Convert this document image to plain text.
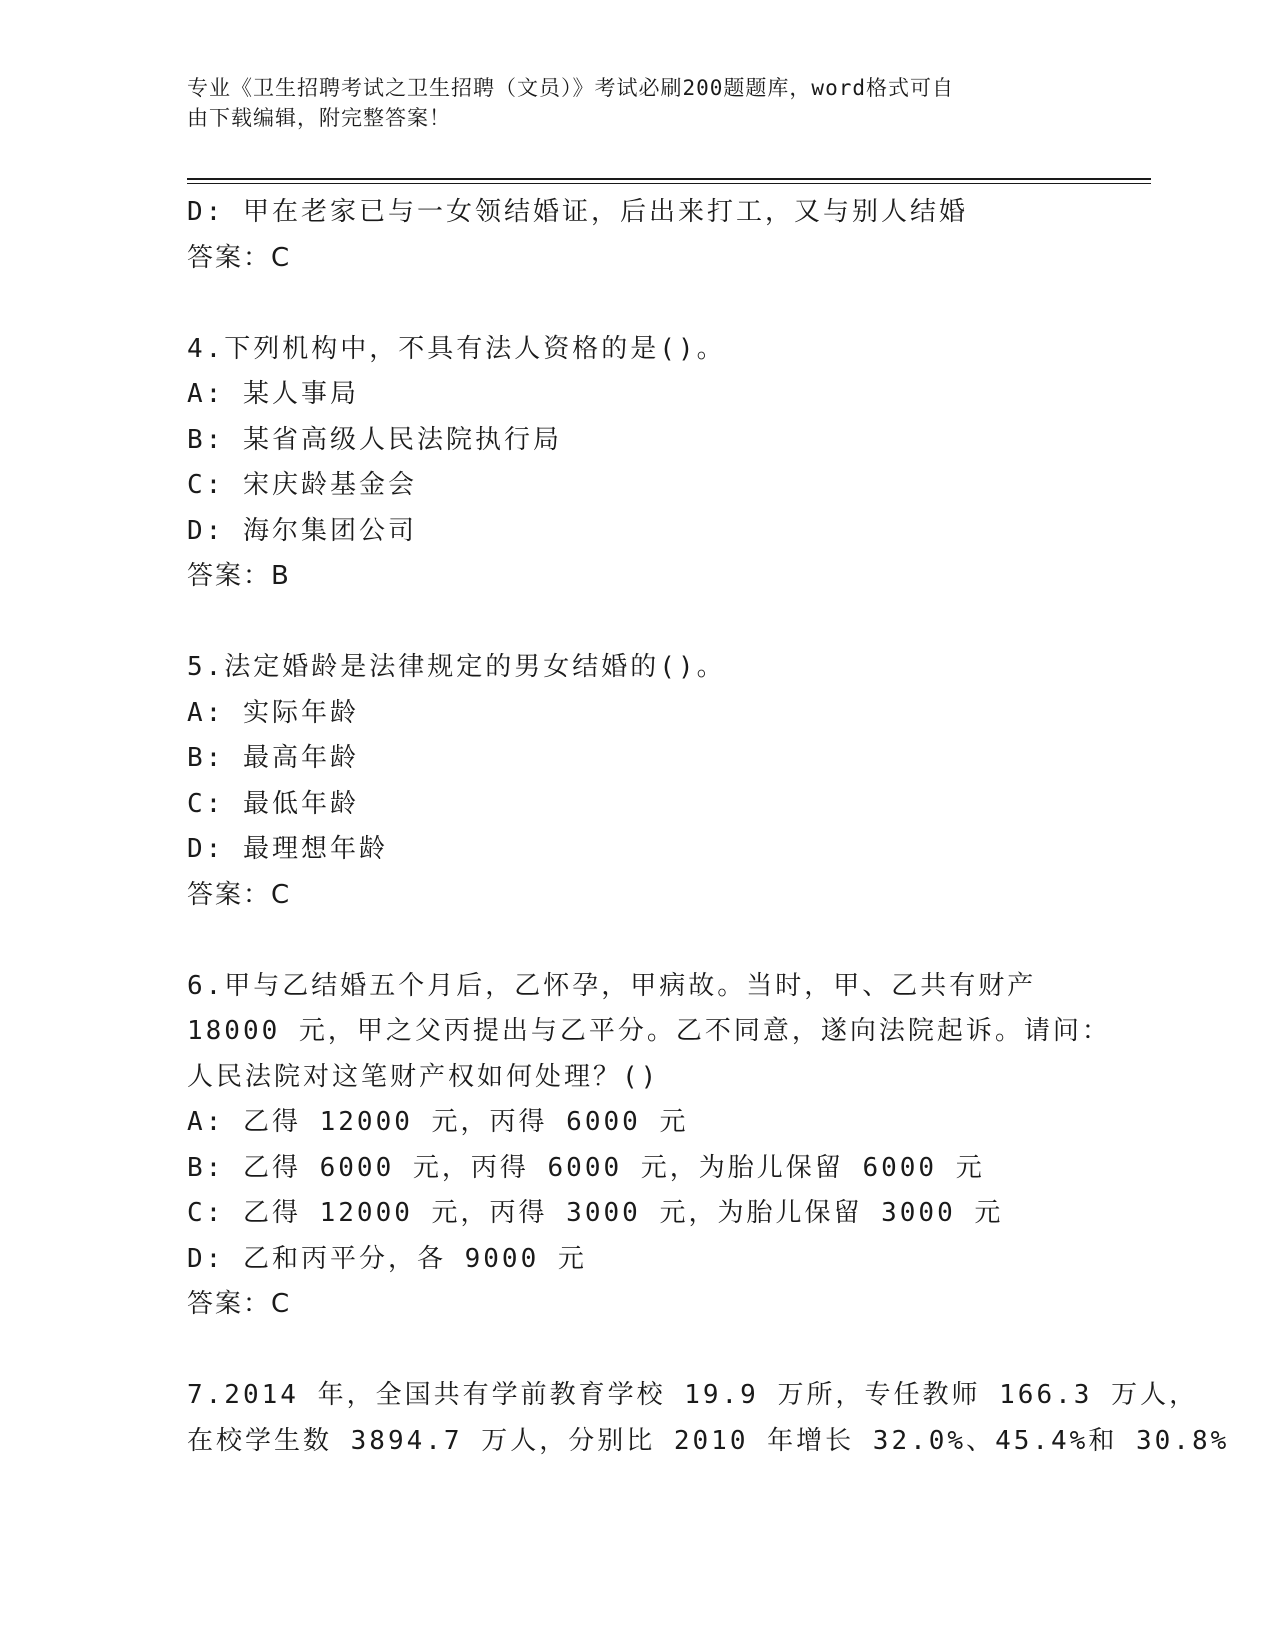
专业《卫生招聘考试之卫生招聘（文员）》考试必刷200题题库，word格式可自
由下载编辑，附完整答案！
D: 甲在老家已与一女领结婚证，后出来打工，又与别人结婚
答案：C
4.下列机构中，不具有法人资格的是()。
A: 某人事局
B: 某省高级人民法院执行局
C: 宋庆龄基金会
D: 海尔集团公司
答案：B
5.法定婚龄是法律规定的男女结婚的()。
A: 实际年龄
B: 最高年龄
C: 最低年龄
D: 最理想年龄
答案：C
6.甲与乙结婚五个月后，乙怀孕，甲病故。当时，甲、乙共有财产
18000 元，甲之父丙提出与乙平分。乙不同意，遂向法院起诉。请问：
人民法院对这笔财产权如何处理？()
A: 乙得 12000 元，丙得 6000 元
B: 乙得 6000 元，丙得 6000 元，为胎儿保留 6000 元
C: 乙得 12000 元，丙得 3000 元，为胎儿保留 3000 元
D: 乙和丙平分，各 9000 元
答案：C
7.2014 年，全国共有学前教育学校 19.9 万所，专任教师 166.3 万人，
在校学生数 3894.7 万人，分别比 2010 年增长 32.0%、45.4%和 30.8%
